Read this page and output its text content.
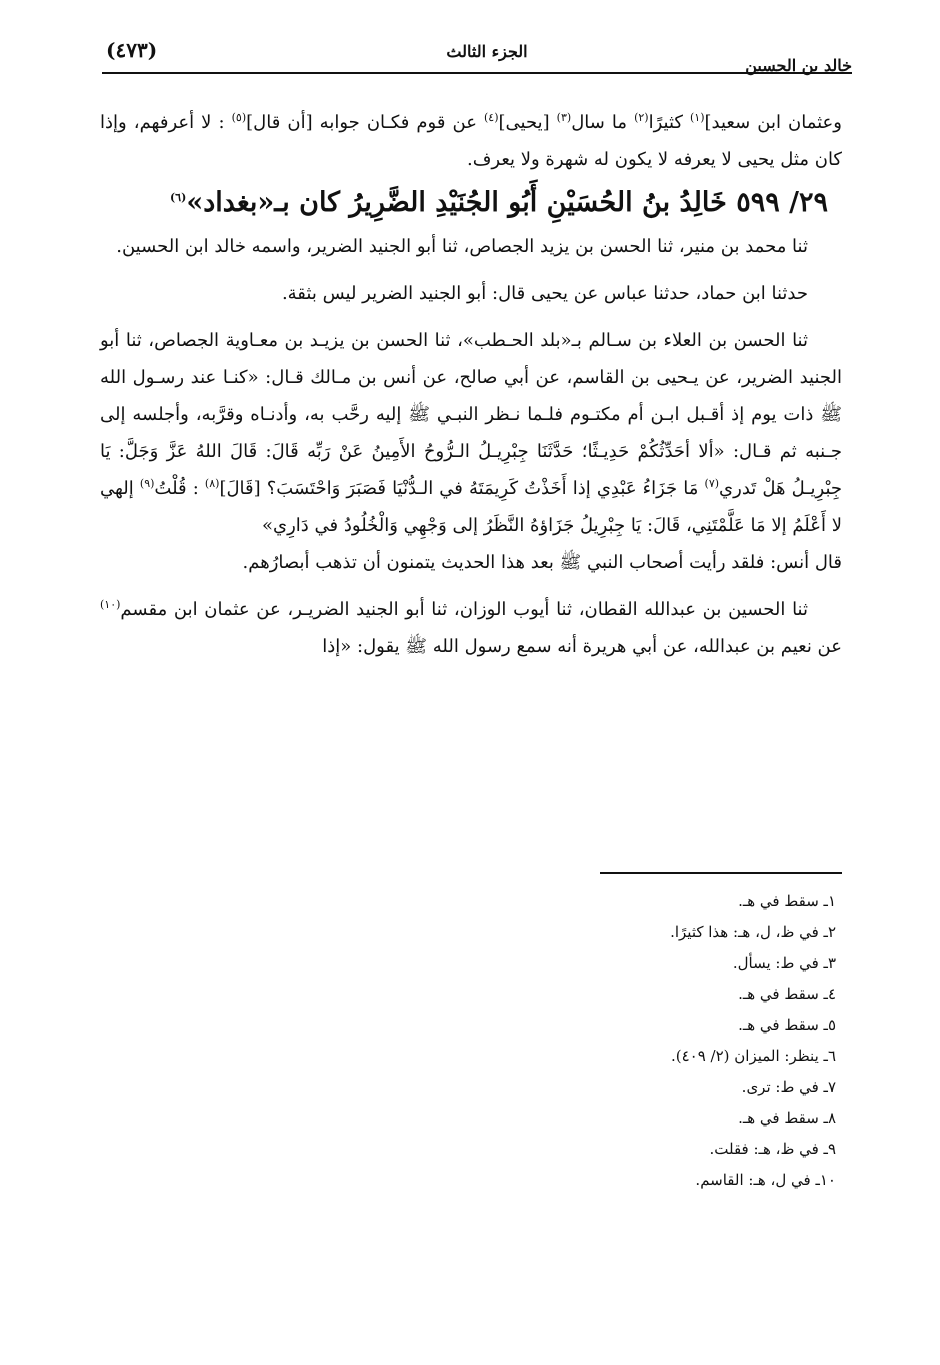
(٤٧٣)	الجزء الثالث
خالد بن الحسين

وعثمان ابن سعيد]$^{(١)}$ كثيرًا$^{(٢)}$ ما سال$^{(٣)}$ [يحيى]$^{(٤)}$ عن قوم فكـان جوابه [أن قال]$^{(٥)}$ : لا أعرفهم، وإذا كان مثل يحيى لا يعرفه لا يكون له شهرة ولا يعرف.

٢٩/ ٥٩٩ خَالِدُ بنُ الحُسَيْنِ أَبُو الجُنَيْدِ الضَّرِيرُ كان بـ«بغداد»$^{(٦)}$

ثنا محمد بن منير، ثنا الحسن بن يزيد الجصاص، ثنا أبو الجنيد الضرير، واسمه خالد ابن الحسين.

حدثنا ابن حماد، حدثنا عباس عن يحيى قال: أبو الجنيد الضرير ليس بثقة.

ثنا الحسن بن العلاء بن سـالم بـ«بلد الحـطب»، ثنا الحسن بن يزيـد بن معـاوية الجصاص، ثنا أبو الجنيد الضرير، عن يـحيى بن القاسم، عن أبي صالح، عن أنس بن مـالك قـال: «كنـا عند رسـول الله ﷺ ذات يوم إذ أقـبل ابـن أم مكتـوم فلـما نـظر النبـي ﷺ إليه رحَّب به، وأدنـاه وقرَّبه، وأجلسه إلى جـنبه ثم قـال: «ألا أحَدِّثُكُمْ حَدِيـثًا؛ حَدَّثَنَا جِبْرِيـلُ الـرُّوحُ الأَمِينُ عَنْ رَبِّه قَالَ: قَالَ اللهُ عَزَّ وَجَلَّ: يَا جِبْرِيـلُ هَلْ تَدري$^{(٧)}$ مَا جَزَاءُ عَبْدِي إذا أَخَذْتُ كَرِيمَتَهُ في الـدُّنْيَا فَصَبَرَ وَاحْتَسَبَ؟ [قَالَ]$^{(٨)}$ : قُلْتُ$^{(٩)}$ إلهي لا أَعْلَمُ إلا مَا عَلَّمْتَنِي، قَالَ: يَا جِبْرِيلُ جَزَاؤهُ النَّظَرُ إلى وَجْهِي وَالْخُلُودُ في دَارِي»

قال أنس: فلقد رأيت أصحاب النبي ﷺ بعد هذا الحديث يتمنون أن تذهب أبصارُهم.

ثنا الحسين بن عبدالله القطان، ثنا أيوب الوزان، ثنا أبو الجنيد الضريـر، عن عثمان ابن مقسم$^{(١٠)}$ عن نعيم بن عبدالله، عن أبي هريرة أنه سمع رسول الله ﷺ يقول: «إذا

١ـ سقط في هـ.
٢ـ في ظ، ل، هـ: هذا كثيرًا.
٣ـ في ط: يسأل.
٤ـ سقط في هـ.
٥ـ سقط في هـ.
٦ـ ينظر: الميزان (٢/ ٤٠٩).
٧ـ في ط: ترى.
٨ـ سقط في هـ.
٩ـ في ظ، هـ: فقلت.
١٠ـ في ل، هـ: القاسم.
